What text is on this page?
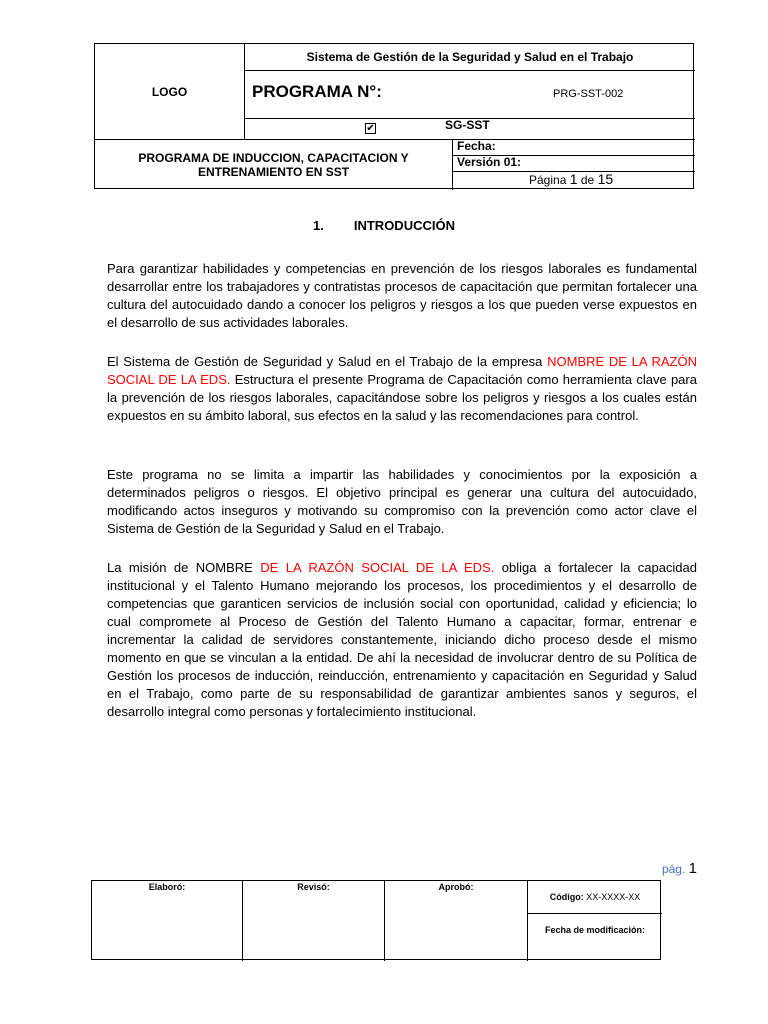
LOGO
Sistema de Gestión de la Seguridad y Salud en el Trabajo
PROGRAMA N°:	PRG-SST-002
✔	SG-SST
PROGRAMA DE INDUCCION, CAPACITACION Y
ENTRENAMIENTO EN SST
Fecha:
Versión 01:
Página 1 de 15
1. INTRODUCCIÓN
Para garantizar habilidades y competencias en prevención de los riesgos laborales es fundamental desarrollar entre los trabajadores y contratistas procesos de capacitación que permitan fortalecer una cultura del autocuidado dando a conocer los peligros y riesgos a los que pueden verse expuestos en el desarrollo de sus actividades laborales.
El Sistema de Gestión de Seguridad y Salud en el Trabajo de la empresa NOMBRE DE LA RAZÓN SOCIAL DE LA EDS. Estructura el presente Programa de Capacitación como herramienta clave para la prevención de los riesgos laborales, capacitándose sobre los peligros y riesgos a los cuales están expuestos en su ámbito laboral, sus efectos en la salud y las recomendaciones para control.
Este programa no se limita a impartir las habilidades y conocimientos por la exposición a determinados peligros o riesgos. El objetivo principal es generar una cultura del autocuidado, modificando actos inseguros y motivando su compromiso con la prevención como actor clave el Sistema de Gestión de la Seguridad y Salud en el Trabajo.
La misión de NOMBRE DE LA RAZÓN SOCIAL DE LA EDS. obliga a fortalecer la capacidad institucional y el Talento Humano mejorando los procesos, los procedimientos y el desarrollo de competencias que garanticen servicios de inclusión social con oportunidad, calidad y eficiencia; lo cual compromete al Proceso de Gestión del Talento Humano a capacitar, formar, entrenar e incrementar la calidad de servidores constantemente, iniciando dicho proceso desde el mismo momento en que se vinculan a la entidad. De ahí la necesidad de involucrar dentro de su Política de Gestión los procesos de inducción, reinducción, entrenamiento y capacitación en Seguridad y Salud en el Trabajo, como parte de su responsabilidad de garantizar ambientes sanos y seguros, el desarrollo integral como personas y fortalecimiento institucional.
pág. 1
Elaboró:	Revisó:	Aprobó:
Código: XX-XXXX-XX
Fecha de modificación:
